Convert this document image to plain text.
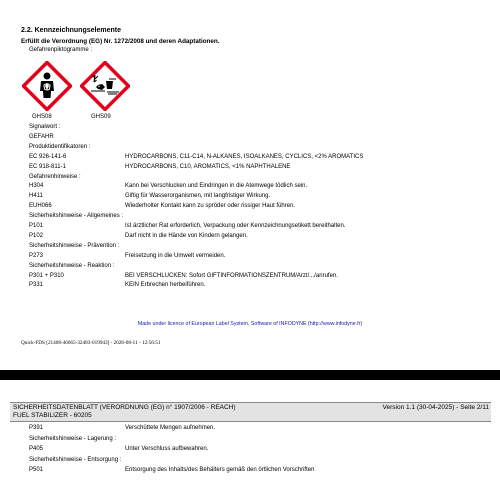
2.2. Kennzeichnungselemente
Erfüllt die Verordnung (EG) Nr. 1272/2008 und deren Adaptationen.
Gefahrenpiktogramme :
GHS08	GHS09
Signalwort :
GEFAHR
Produktidentifikatoren :
EC 926-141-6	HYDROCARBONS, C11-C14, N-ALKANES, ISOALKANES, CYCLICS, <2% AROMATICS
EC 918-811-1	HYDROCARBONS, C10, AROMATICS, <1% NAPHTHALENE
Gefahrenhinweise :
H304	Kann bei Verschlucken und Eindringen in die Atemwege tödlich sein.
H411	Giftig für Wasserorganismen, mit langfristiger Wirkung.
EUH066	Wiederholter Kontakt kann zu spröder oder rissiger Haut führen.
Sicherheitshinweise - Allgemeines :
P101	Ist ärztlicher Rat erforderlich, Verpackung oder Kennzeichnungsetikett bereithalten.
P102	Darf nicht in die Hände von Kindern gelangen.
Sicherheitshinweise - Prävention :
P273	Freisetzung in die Umwelt vermeiden.
Sicherheitshinweise - Reaktion :
P301 + P310	BEI VERSCHLUCKEN: Sofort GIFTINFORMATIONSZENTRUM/Arzt/.../anrufen.
P331	KEIN Erbrechen herbeiführen.
Made under licence of European Label System, Software of INFODYNE (http://www.infodyne.fr)
Quick-FDS [21408-46665-32483-019943] - 2026-08-11 - 12:56:51
SICHERHEITSDATENBLATT (VERORDNUNG (EG) n° 1907/2006 - REACH)
FUEL STABILIZER - 60205
Version 1.1 (30-04-2025) - Seite 2/11
P391	Verschüttete Mengen aufnehmen.
Sicherheitshinweise - Lagerung :
P405	Unter Verschluss aufbewahren.
Sicherheitshinweise - Entsorgung :
P501	Entsorgung des Inhalts/des Behälters gemäß den örtlichen Vorschriften
